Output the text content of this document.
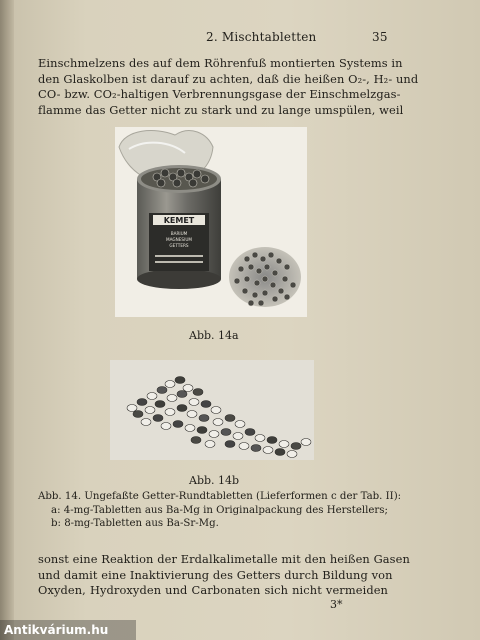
2. Mischtabletten	35
Einschmelzens des auf dem Röhrenfuß montierten Systems in
den Glaskolben ist darauf zu achten, daß die heißen O₂-, H₂- und
CO- bzw. CO₂-haltigen Verbrennungsgase der Einschmelzgas-
flamme das Getter nicht zu stark und zu lange umspülen, weil
KEMET
BARIUM
MAGNESIUM
GETTERS
Abb. 14a
Abb. 14b
Abb. 14. Ungefaßte Getter-Rundtabletten (Lieferformen c der Tab. II):
a: 4-mg-Tabletten aus Ba-Mg in Originalpackung des Herstellers;
b: 8-mg-Tabletten aus Ba-Sr-Mg.
sonst eine Reaktion der Erdalkalimetalle mit den heißen Gasen
und damit eine Inaktivierung des Getters durch Bildung von
Oxyden, Hydroxyden und Carbonaten sich nicht vermeiden
3*
Antikvárium.hu
